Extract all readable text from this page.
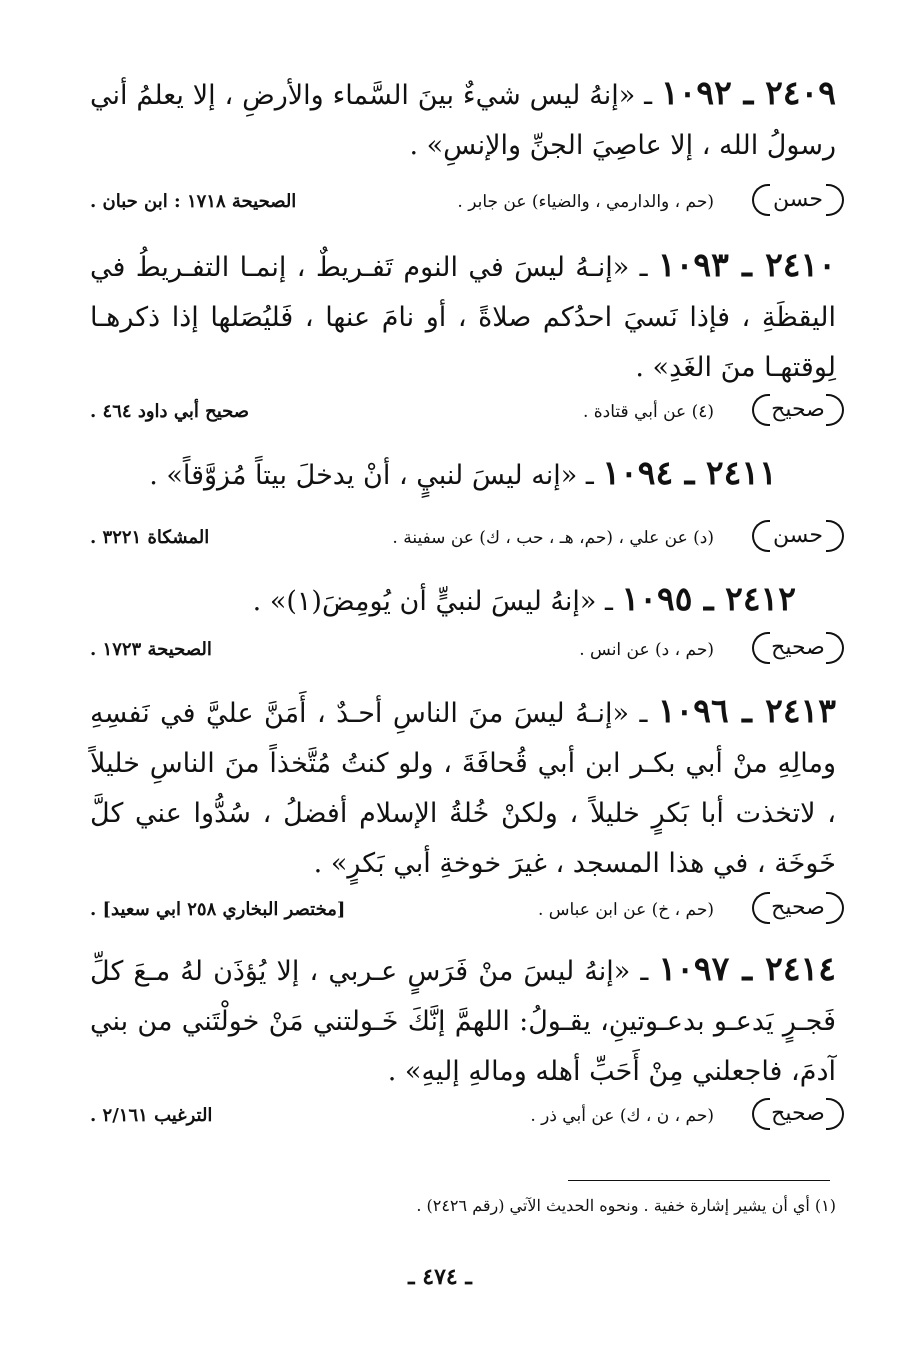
٢٤٠٩ ـ ١٠٩٢ ـ «إنهُ ليس شيءٌ بينَ السَّماء والأرضِ ، إلا يعلمُ أني رسولُ الله ، إلا عاصِيَ الجنِّ والإنسِ» .
حسن
(حم ، والدارمي ، والضياء) عن جابر .
الصحيحة ١٧١٨ : ابن حبان .
٢٤١٠ ـ ١٠٩٣ ـ «إنـهُ ليسَ في النوم تَفـريطٌ ، إنمـا التفـريطُ في اليقظَةِ ، فإذا نَسيَ احدُكم صلاةً ، أو نامَ عنها ، فَليُصَلها إذا ذكرهـا لِوقتهـا منَ الغَدِ» .
صحيح
(٤) عن أبي قتادة .
صحيح أبي داود ٤٦٤ .
٢٤١١ ـ ١٠٩٤ ـ «إنه ليسَ لنبيٍ ، أنْ يدخلَ بيتاً مُزوَّقاً» .
حسن
(د) عن علي ، (حم، هـ ، حب ، ك) عن سفينة .
المشكاة ٣٢٢١ .
٢٤١٢ ـ ١٠٩٥ ـ «إنهُ ليسَ لنبيٍّ أن يُومِضَ(١)» .
صحيح
(حم ، د) عن انس .
الصحيحة ١٧٢٣ .
٢٤١٣ ـ ١٠٩٦ ـ «إنـهُ ليسَ منَ الناسِ أحـدٌ ، أَمَنَّ عليَّ في نَفسِهِ ومالِهِ منْ أبي بكـر ابن أبي قُحافَةَ ، ولو كنتُ مُتَّخذاً منَ الناسِ خليلاً ، لاتخذت أبا بَكرٍ خليلاً ، ولكنْ خُلةُ الإسلام أفضلُ ، سُدُّوا عني كلَّ خَوخَة ، في هذا المسجد ، غيرَ خوخةِ أبي بَكرٍ» .
صحيح
(حم ، خ) عن ابن عباس .
[مختصر البخاري ٢٥٨ ابي سعيد] .
٢٤١٤ ـ ١٠٩٧ ـ «إنهُ ليسَ منْ فَرَسٍ عـربي ، إلا يُؤذَن لهُ مـعَ كلِّ فَجـرٍ يَدعـو بدعـوتينِ، يقـولُ: اللهمَّ إنَّكَ خَـولتني مَنْ خولْتَني من بني آدمَ، فاجعلني مِنْ أَحَبِّ أهله ومالهِ إليهِ» .
صحيح
(حم ، ن ، ك) عن أبي ذر .
الترغيب ٢/١٦١ .
(١) أي أن يشير إشارة خفية . ونحوه الحديث الآتي (رقم ٢٤٢٦) .
ـ ٤٧٤ ـ
